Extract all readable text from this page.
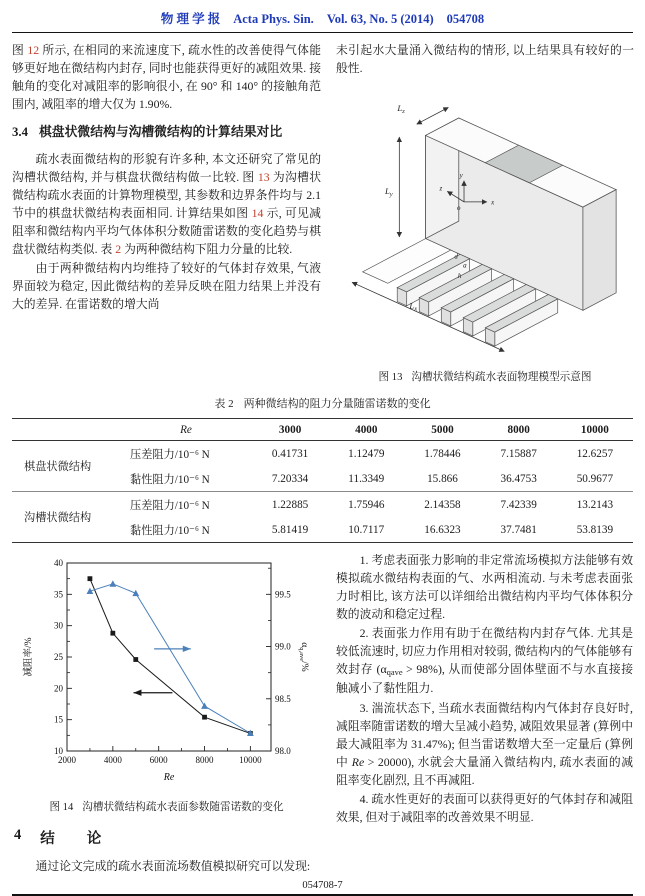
物 理 学 报 Acta Phys. Sin. Vol. 63, No. 5 (2014) 054708

图 12 所示, 在相同的来流速度下, 疏水性的改善使得气体能够更好地在微结构内封存, 同时也能获得更好的减阻效果. 接触角的变化对减阻率的影响很小, 在 90° 和 140° 的接触角范围内, 减阻率的增大仅为 1.90%.

3.4 棋盘状微结构与沟槽微结构的计算结果对比

疏水表面微结构的形貌有许多种, 本文还研究了常见的沟槽状微结构, 并与棋盘状微结构做一比较. 图 13 为沟槽状微结构疏水表面的计算物理模型, 其参数和边界条件均与 2.1 节中的棋盘状微结构表面相同. 计算结果如图 14 示, 可见减阻率和微结构内平均气体体积分数随雷诺数的变化趋势与棋盘状微结构类似. 表 2 为两种微结构下阻力分量的比较.

由于两种微结构内均维持了较好的气体封存效果, 气液界面较为稳定, 因此微结构的差异反映在阻力结果上并没有大的差异. 在雷诺数的增大尚

未引起水大量涌入微结构的情形, 以上结果具有较好的一般性.

$L_y$
$L_z$
$L_x$
x
y
z
o
d
a
h
图 13 沟槽状微结构疏水表面物理模型示意图
表 2 两种微结构的阻力分量随雷诺数的变化
	Re	3000	4000	5000	8000	10000
棋盘状微结构	压差阻力/10⁻⁶ N	0.41731	1.12479	1.78446	7.15887	12.6257
	黏性阻力/10⁻⁶ N	7.20334	11.3349	15.866	36.4753	50.9677
沟槽状微结构	压差阻力/10⁻⁶ N	1.22885	1.75946	2.14358	7.42339	13.2143
	黏性阻力/10⁻⁶ N	5.81419	10.7117	16.6323	37.7481	53.8139
2000	4000	6000	8000	10000
10
15
20
25
30
35
40
98.0
98.5
99.0
99.5
减阻率/%	$\alpha_{q,ave}/\%$
Re
图 14 沟槽状微结构疏水表面参数随雷诺数的变化
4 结　　论

通过论文完成的疏水表面流场数值模拟研究可以发现:

1. 考虑表面张力影响的非定常流场模拟方法能够有效模拟疏水微结构表面的气、水两相流动. 与未考虑表面张力时相比, 该方法可以详细给出微结构内平均气体体积分数的波动和稳定过程.

2. 表面张力作用有助于在微结构内封存气体. 尤其是较低流速时, 切应力作用相对较弱, 微结构内的气体能够有效封存 (αqave > 98%), 从而使部分固体壁面不与水直接接触减小了黏性阻力.

3. 湍流状态下, 当疏水表面微结构内气体封存良好时, 减阻率随雷诺数的增大呈减小趋势, 减阻效果显著 (算例中最大减阻率为 31.47%); 但当雷诺数增大至一定量后 (算例中 Re > 20000), 水就会大量涌入微结构内, 疏水表面的减阻率变化剧烈, 且不再减阻.

4. 疏水性更好的表面可以获得更好的气体封存和减阻效果, 但对于减阻率的改善效果不明显.

054708-7
